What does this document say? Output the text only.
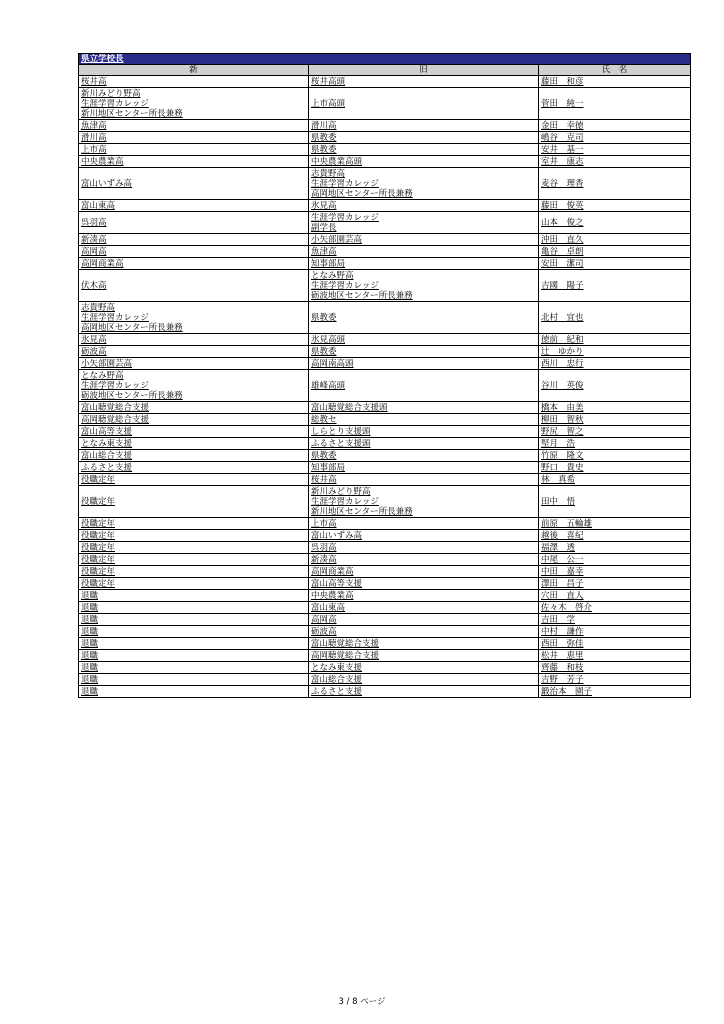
県立学校長		
新	旧	氏　名

桜井高	桜井高頭	藤田　和彦

新川みどり野高
生涯学習カレッジ
新川地区センター所長兼務	上市高頭	菅田　純一

魚津高	滑川高	金田　幸徳

滑川高	県教委	嶋谷　克司

上市高	県教委	安井　基一

中央農業高	中央農業高頭	室井　康志

富山いずみ高	志貴野高
生涯学習カレッジ
高岡地区センター所長兼務	麦谷　理香

富山東高	氷見高	藤田　俊英

呉羽高	生涯学習カレッジ
副学長	山本　俊之

新湊高	小矢部園芸高	沖田　直久

高岡高	魚津高	亀谷　卓朗

高岡商業高	知事部局	安田　潔司

伏木高	となみ野高
生涯学習カレッジ
砺波地区センター所長兼務	吉國　陽子

志貴野高
生涯学習カレッジ
高岡地区センター所長兼務	県教委	北村　宜也

氷見高	氷見高頭	徳前　紀和

砺波高	県教委	辻　ゆかり

小矢部園芸高	高岡南高頭	西川　忠行

となみ野高
生涯学習カレッジ
砺波地区センター所長兼務	雄峰高頭	谷川　英俊

富山聴覚総合支援	富山聴覚総合支援頭	橋本　由美

高岡聴覚総合支援	総教セ	柳田　智秋

富山高等支援	しらとり支援頭	野尻　智之

となみ東支援	ふるさと支援頭	堅月　浩

富山総合支援	県教委	竹原　隆文

ふるさと支援	知事部局	野口　貴史

役職定年	桜井高	林　真希

役職定年	新川みどり野高
生涯学習カレッジ
新川地区センター所長兼務	田中　悟

役職定年	上市高	前原　五輪雄

役職定年	富山いずみ高	越後　喜紀

役職定年	呉羽高	福澤　透

役職定年	新湊高	中尾　公一

役職定年	高岡商業高	中田　嘉幸

役職定年	富山高等支援	澤田　昌子

退職	中央農業高	穴田　直人

退職	富山東高	佐々木　啓介

退職	高岡高	吉田　学

退職	砺波高	中村　謙作

退職	富山聴覚総合支援	西田　弥佳

退職	高岡聴覚総合支援	松井　恵里

退職	となみ東支援	齊藤　和枝

退職	富山総合支援	吉野　芳子

退職	ふるさと支援	鍛治本　園子
3 / 8 ページ
